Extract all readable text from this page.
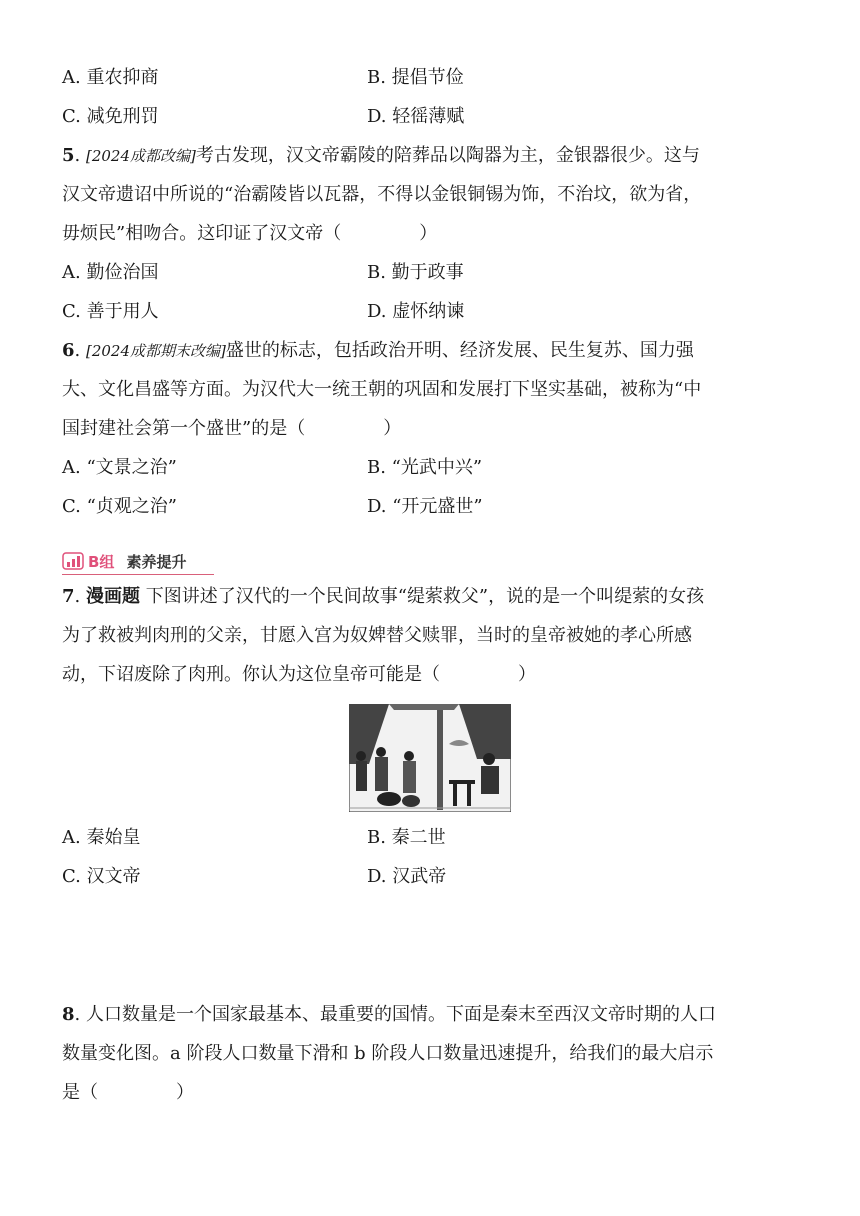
A. 重农抑商	B. 提倡节俭
C. 减免刑罚	D. 轻徭薄赋
5. [2024成都改编]考古发现，汉文帝霸陵的陪葬品以陶器为主，金银器很少。这与
汉文帝遗诏中所说的“治霸陵皆以瓦器，不得以金银铜锡为饰，不治坟，欲为省，
毋烦民”相吻合。这印证了汉文帝（	）
A. 勤俭治国	B. 勤于政事
C. 善于用人	D. 虚怀纳谏
6. [2024成都期末改编]盛世的标志，包括政治开明、经济发展、民生复苏、国力强
大、文化昌盛等方面。为汉代大一统王朝的巩固和发展打下坚实基础，被称为“中
国封建社会第一个盛世”的是（	）
A. “文景之治”	B. “光武中兴”
C. “贞观之治”	D. “开元盛世”
B组 素养提升
7. 漫画题 下图讲述了汉代的一个民间故事“缇萦救父”，说的是一个叫缇萦的女孩
为了救被判肉刑的父亲，甘愿入宫为奴婢替父赎罪，当时的皇帝被她的孝心所感
动，下诏废除了肉刑。你认为这位皇帝可能是（	）
A. 秦始皇	B. 秦二世
C. 汉文帝	D. 汉武帝
8. 人口数量是一个国家最基本、最重要的国情。下面是秦末至西汉文帝时期的人口
数量变化图。a 阶段人口数量下滑和 b 阶段人口数量迅速提升，给我们的最大启示
是（	）
